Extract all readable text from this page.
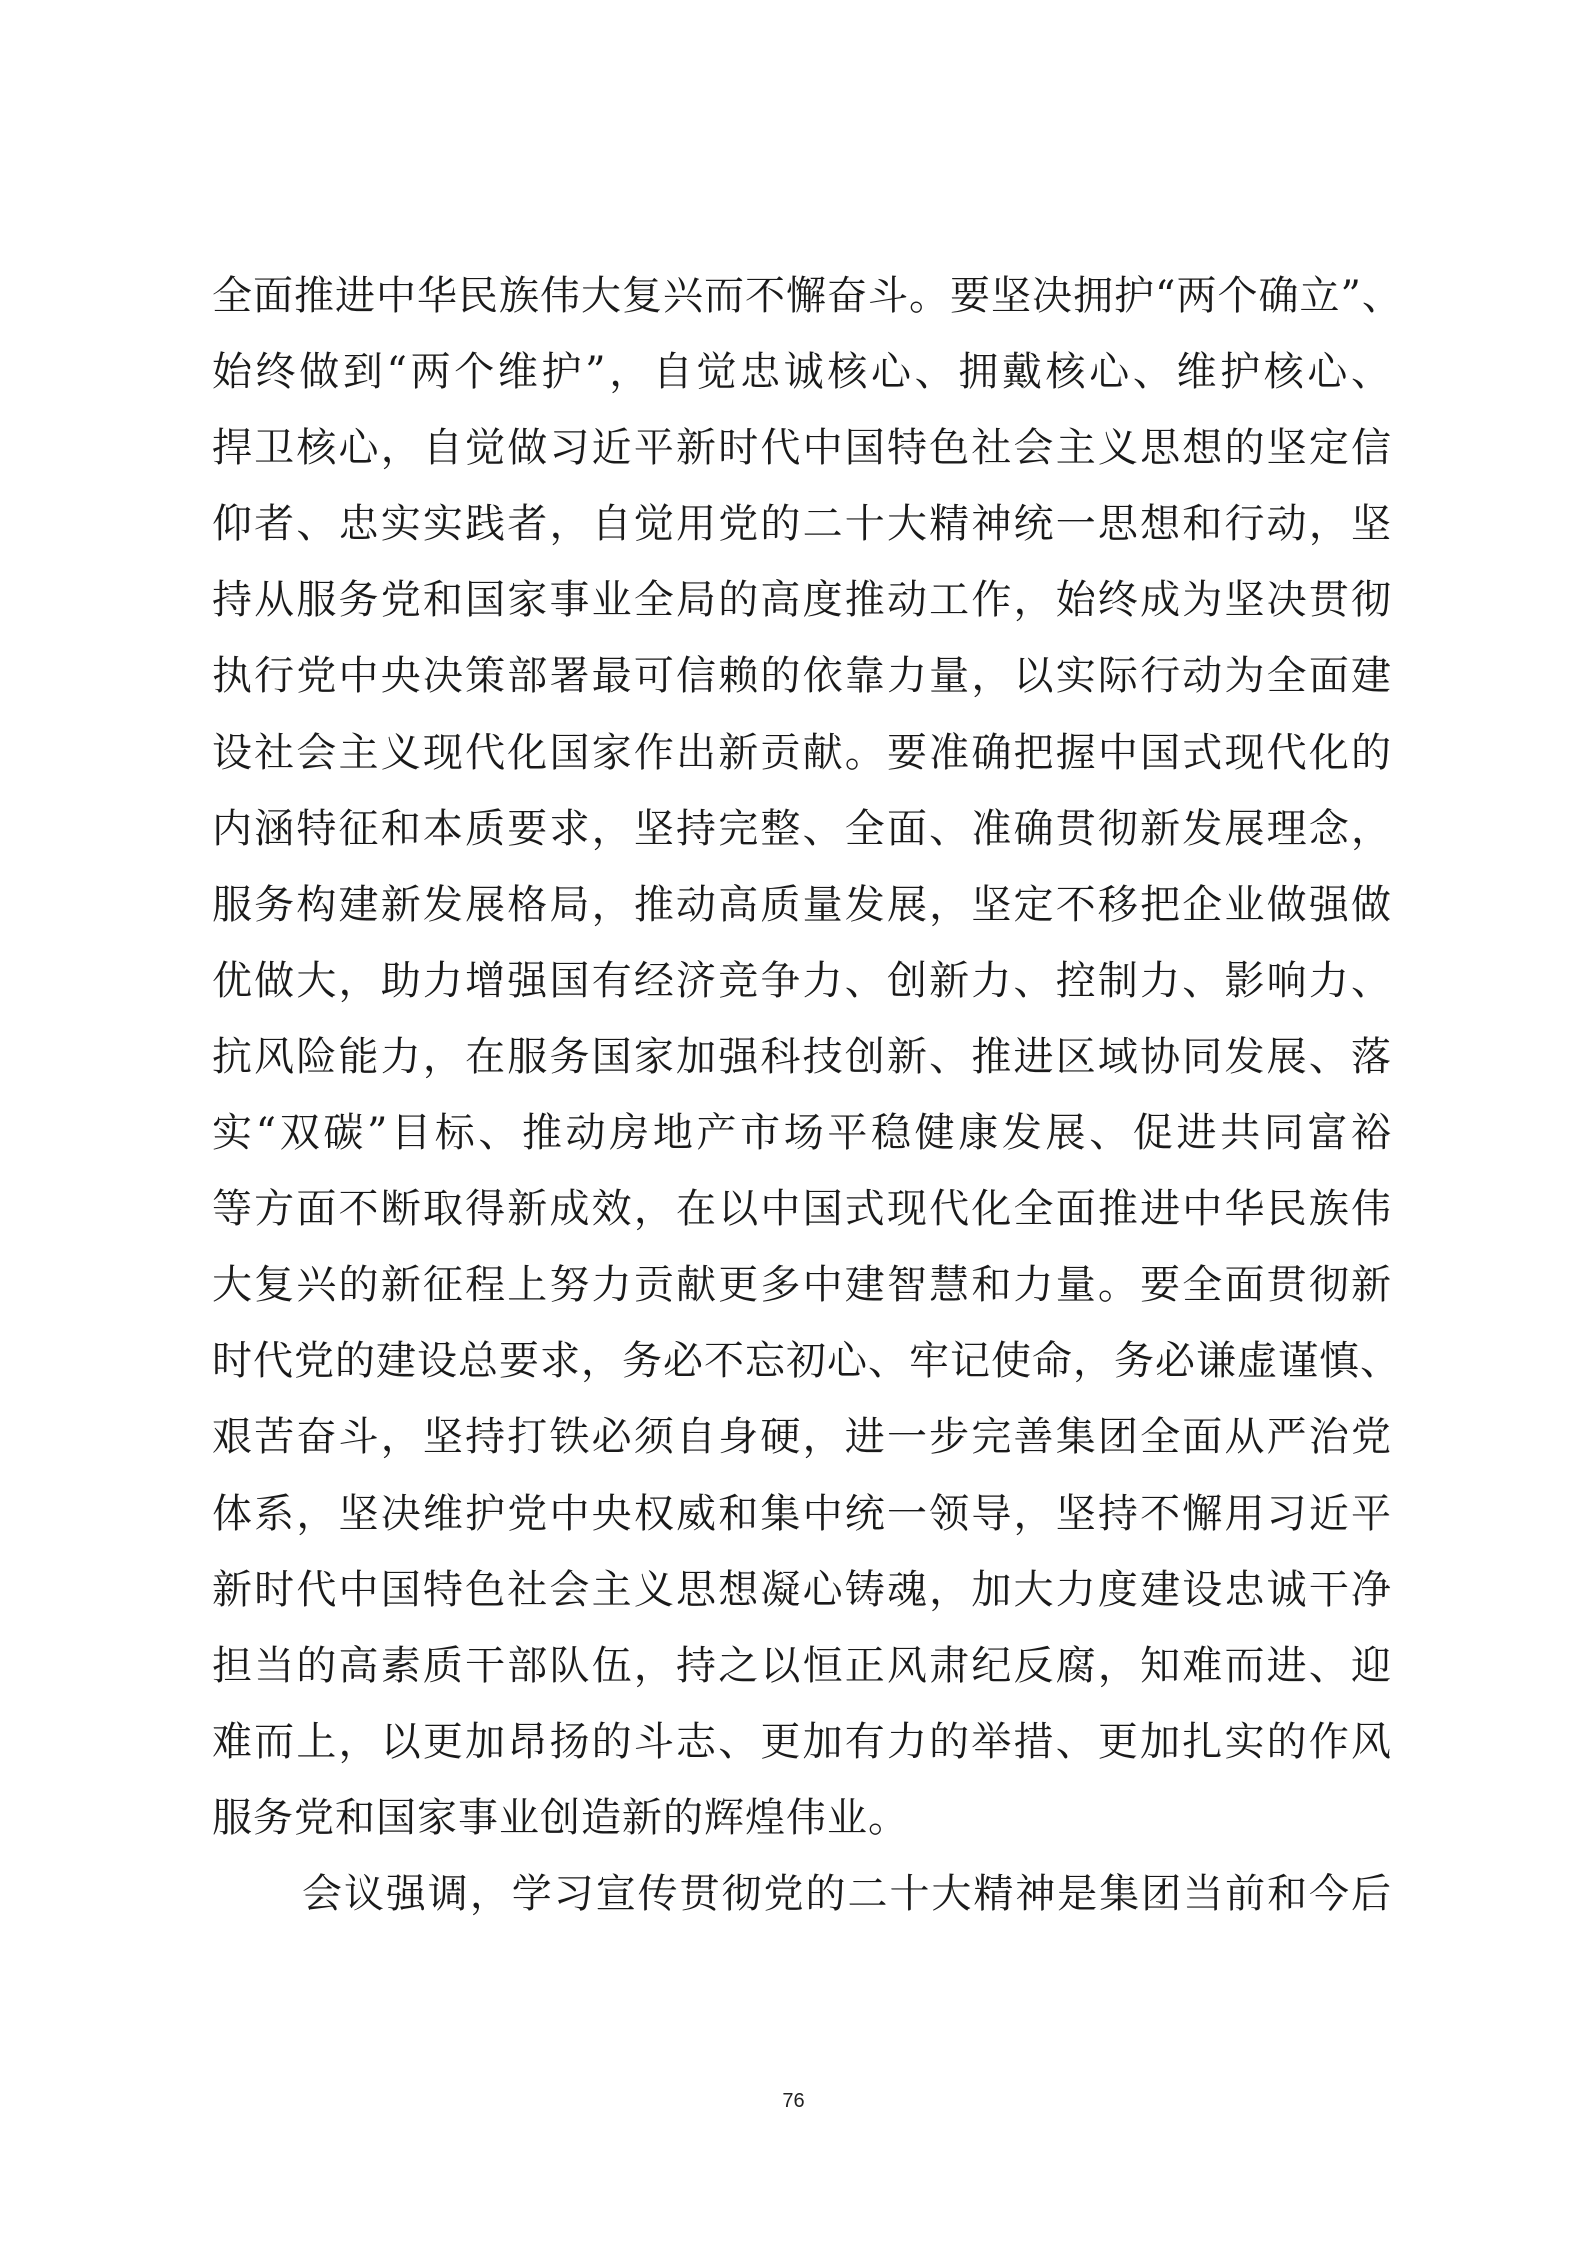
全面推进中华民族伟大复兴而不懈奋斗。要坚决拥护“两个确立”、
始终做到“两个维护”，自觉忠诚核心、拥戴核心、维护核心、
捍卫核心，自觉做习近平新时代中国特色社会主义思想的坚定信
仰者、忠实实践者，自觉用党的二十大精神统一思想和行动，坚
持从服务党和国家事业全局的高度推动工作，始终成为坚决贯彻
执行党中央决策部署最可信赖的依靠力量，以实际行动为全面建
设社会主义现代化国家作出新贡献。要准确把握中国式现代化的
内涵特征和本质要求，坚持完整、全面、准确贯彻新发展理念，
服务构建新发展格局，推动高质量发展，坚定不移把企业做强做
优做大，助力增强国有经济竞争力、创新力、控制力、影响力、
抗风险能力，在服务国家加强科技创新、推进区域协同发展、落
实“双碳”目标、推动房地产市场平稳健康发展、促进共同富裕
等方面不断取得新成效，在以中国式现代化全面推进中华民族伟
大复兴的新征程上努力贡献更多中建智慧和力量。要全面贯彻新
时代党的建设总要求，务必不忘初心、牢记使命，务必谦虚谨慎、
艰苦奋斗，坚持打铁必须自身硬，进一步完善集团全面从严治党
体系，坚决维护党中央权威和集中统一领导，坚持不懈用习近平
新时代中国特色社会主义思想凝心铸魂，加大力度建设忠诚干净
担当的高素质干部队伍，持之以恒正风肃纪反腐，知难而进、迎
难而上，以更加昂扬的斗志、更加有力的举措、更加扎实的作风
服务党和国家事业创造新的辉煌伟业。
会议强调，学习宣传贯彻党的二十大精神是集团当前和今后
76
